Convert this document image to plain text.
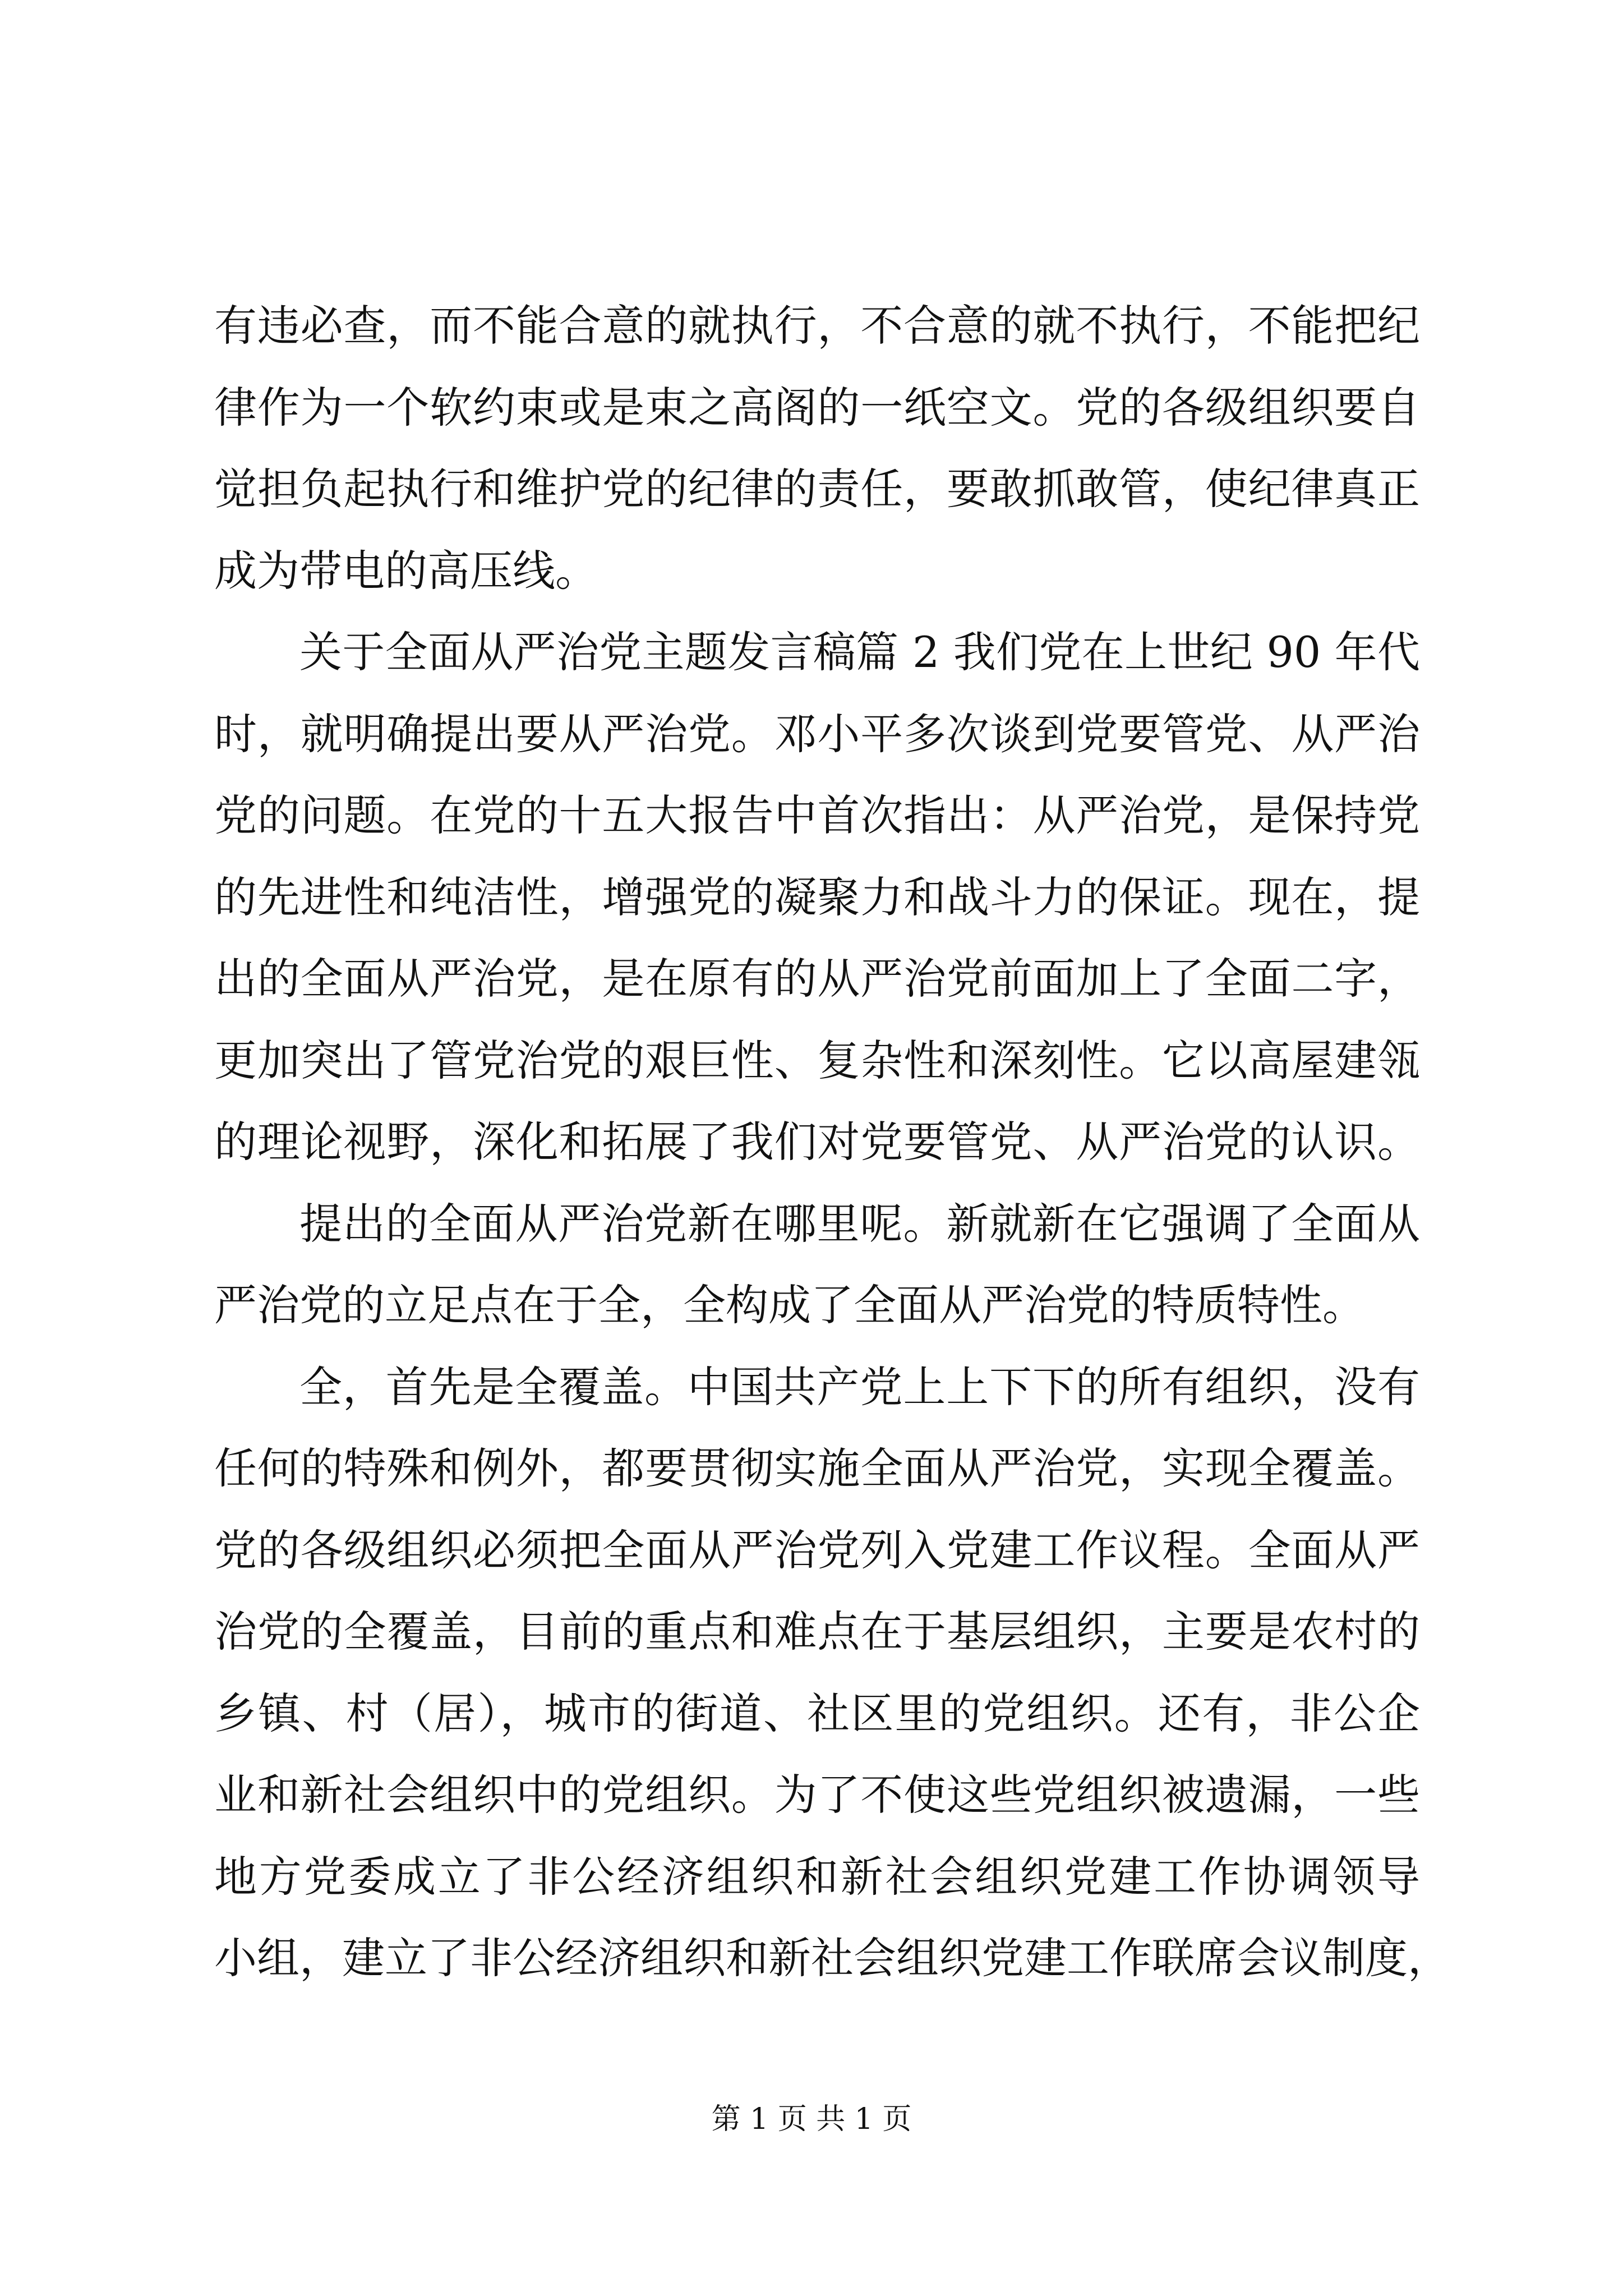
有违必查，而不能合意的就执行，不合意的就不执行，不能把纪
律作为一个软约束或是束之高阁的一纸空文。党的各级组织要自
觉担负起执行和维护党的纪律的责任，要敢抓敢管，使纪律真正
成为带电的高压线。
关于全面从严治党主题发言稿篇 2 我们党在上世纪 90 年代
时，就明确提出要从严治党。邓小平多次谈到党要管党、从严治
党的问题。在党的十五大报告中首次指出：从严治党，是保持党
的先进性和纯洁性，增强党的凝聚力和战斗力的保证。现在，提
出的全面从严治党，是在原有的从严治党前面加上了全面二字，
更加突出了管党治党的艰巨性、复杂性和深刻性。它以高屋建瓴
的理论视野，深化和拓展了我们对党要管党、从严治党的认识。
提出的全面从严治党新在哪里呢。新就新在它强调了全面从
严治党的立足点在于全，全构成了全面从严治党的特质特性。
全，首先是全覆盖。中国共产党上上下下的所有组织，没有
任何的特殊和例外，都要贯彻实施全面从严治党，实现全覆盖。
党的各级组织必须把全面从严治党列入党建工作议程。全面从严
治党的全覆盖，目前的重点和难点在于基层组织，主要是农村的
乡镇、村（居），城市的街道、社区里的党组织。还有，非公企
业和新社会组织中的党组织。为了不使这些党组织被遗漏，一些
地方党委成立了非公经济组织和新社会组织党建工作协调领导
小组，建立了非公经济组织和新社会组织党建工作联席会议制度，
第 1 页 共 1 页
